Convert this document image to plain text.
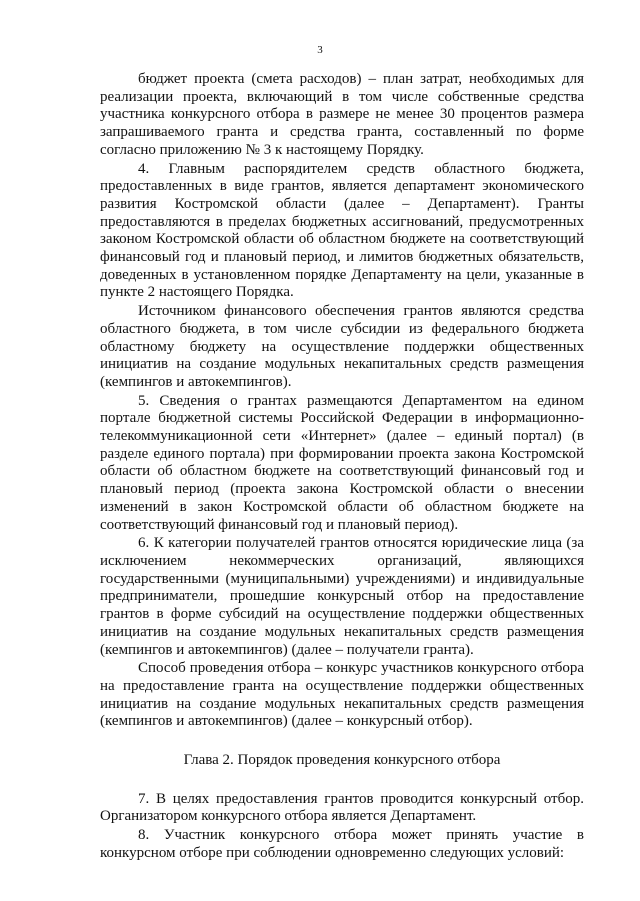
3

бюджет проекта (смета расходов) – план затрат, необходимых для реализации проекта, включающий в том числе собственные средства участника конкурсного отбора в размере не менее 30 процентов размера запрашиваемого гранта и средства гранта, составленный по форме согласно приложению № 3 к настоящему Порядку.

4. Главным распорядителем средств областного бюджета, предоставленных в виде грантов, является департамент экономического развития Костромской области (далее – Департамент). Гранты предоставляются в пределах бюджетных ассигнований, предусмотренных законом Костромской области об областном бюджете на соответствующий финансовый год и плановый период, и лимитов бюджетных обязательств, доведенных в установленном порядке Департаменту на цели, указанные в пункте 2 настоящего Порядка.

Источником финансового обеспечения грантов являются средства областного бюджета, в том числе субсидии из федерального бюджета областному бюджету на осуществление поддержки общественных инициатив на создание модульных некапитальных средств размещения (кемпингов и автокемпингов).

5. Сведения о грантах размещаются Департаментом на едином портале бюджетной системы Российской Федерации в информационно-телекоммуникационной сети «Интернет» (далее – единый портал) (в разделе единого портала) при формировании проекта закона Костромской области об областном бюджете на соответствующий финансовый год и плановый период (проекта закона Костромской области о внесении изменений в закон Костромской области об областном бюджете на соответствующий финансовый год и плановый период).

6. К категории получателей грантов относятся юридические лица (за исключением некоммерческих организаций, являющихся государственными (муниципальными) учреждениями) и индивидуальные предприниматели, прошедшие конкурсный отбор на предоставление грантов в форме субсидий на осуществление поддержки общественных инициатив на создание модульных некапитальных средств размещения (кемпингов и автокемпингов) (далее – получатели гранта).

Способ проведения отбора – конкурс участников конкурсного отбора на предоставление гранта на осуществление поддержки общественных инициатив на создание модульных некапитальных средств размещения (кемпингов и автокемпингов) (далее – конкурсный отбор).

Глава 2. Порядок проведения конкурсного отбора

7. В целях предоставления грантов проводится конкурсный отбор. Организатором конкурсного отбора является Департамент.

8. Участник конкурсного отбора может принять участие в конкурсном отборе при соблюдении одновременно следующих условий:
